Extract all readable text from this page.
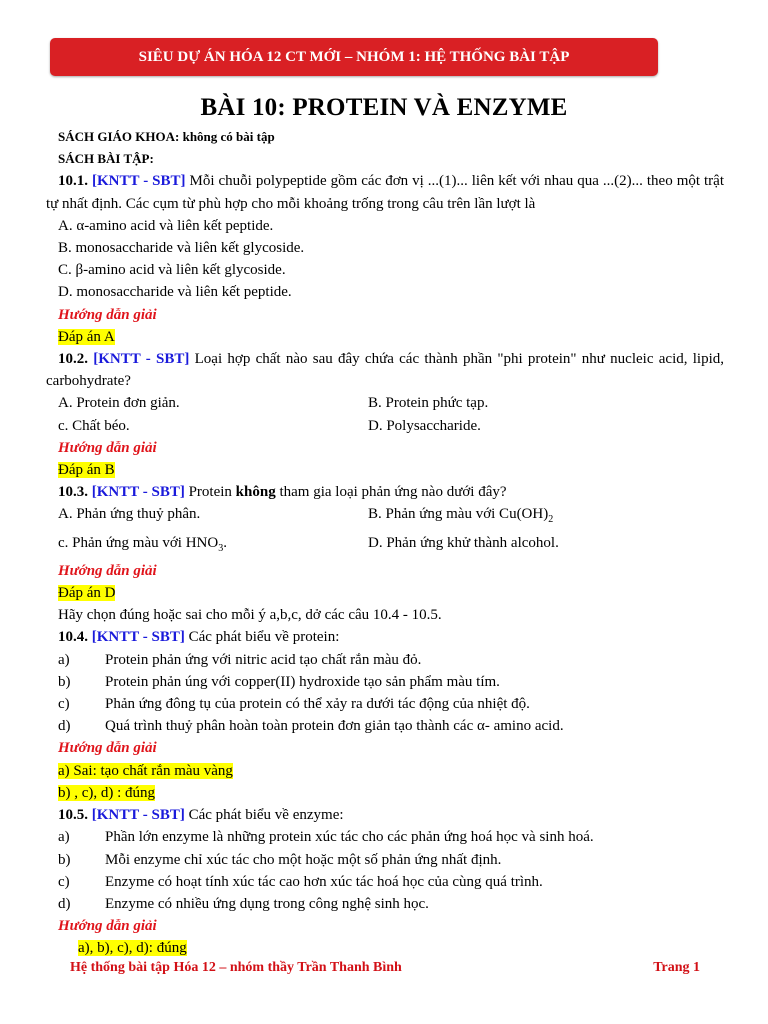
SIÊU DỰ ÁN HÓA 12 CT MỚI – NHÓM 1: HỆ THỐNG BÀI TẬP
BÀI 10: PROTEIN VÀ ENZYME
SÁCH GIÁO KHOA: không có bài tập
SÁCH BÀI TẬP:
10.1. [KNTT - SBT] Mỗi chuỗi polypeptide gồm các đơn vị ...(1)... liên kết với nhau qua ...(2)... theo một trật tự nhất định. Các cụm từ phù hợp cho mỗi khoảng trống trong câu trên lần lượt là
A. α-amino acid và liên kết peptide.
B. monosaccharide và liên kết glycoside.
C. β-amino acid và liên kết glycoside.
D. monosaccharide và liên kết peptide.
Hướng dẫn giải
Đáp án A
10.2. [KNTT - SBT] Loại hợp chất nào sau đây chứa các thành phần "phi protein" như nucleic acid, lipid, carbohydrate?
A. Protein đơn giản.	B. Protein phức tạp.
c. Chất béo.	D. Polysaccharide.
Hướng dẫn giải
Đáp án B
10.3. [KNTT - SBT] Protein không tham gia loại phản ứng nào dưới đây?
A. Phản ứng thuỷ phân.	B. Phản ứng màu với $Cu(OH)_2$
c. Phản ứng màu với $HNO_3$.	D. Phản ứng khử thành alcohol.
Hướng dẫn giải
Đáp án D
Hãy chọn đúng hoặc sai cho mỗi ý a,b,c, dở các câu 10.4 - 10.5.
10.4. [KNTT - SBT] Các phát biểu về protein:
a)	Protein phản ứng với nitric acid tạo chất rắn màu đỏ.
b)	Protein phản úng với copper(II) hydroxide tạo sản phẩm màu tím.
c)	Phản ứng đông tụ của protein có thể xảy ra dưới tác động của nhiệt độ.
d)	Quá trình thuỷ phân hoàn toàn protein đơn giản tạo thành các α- amino acid.
Hướng dẫn giải
a) Sai: tạo chất rắn màu vàng
b) , c), d) : đúng
10.5. [KNTT - SBT] Các phát biểu về enzyme:
a)	Phần lớn enzyme là những protein xúc tác cho các phản ứng hoá học và sinh hoá.
b)	Mỗi enzyme chỉ xúc tác cho một hoặc một số phản ứng nhất định.
c)	Enzyme có hoạt tính xúc tác cao hơn xúc tác hoá học của cùng quá trình.
d)	Enzyme có nhiều ứng dụng trong công nghệ sinh học.
Hướng dẫn giải
a), b), c), d): đúng
Hệ thống bài tập Hóa 12 – nhóm thầy Trần Thanh Bình	Trang 1
